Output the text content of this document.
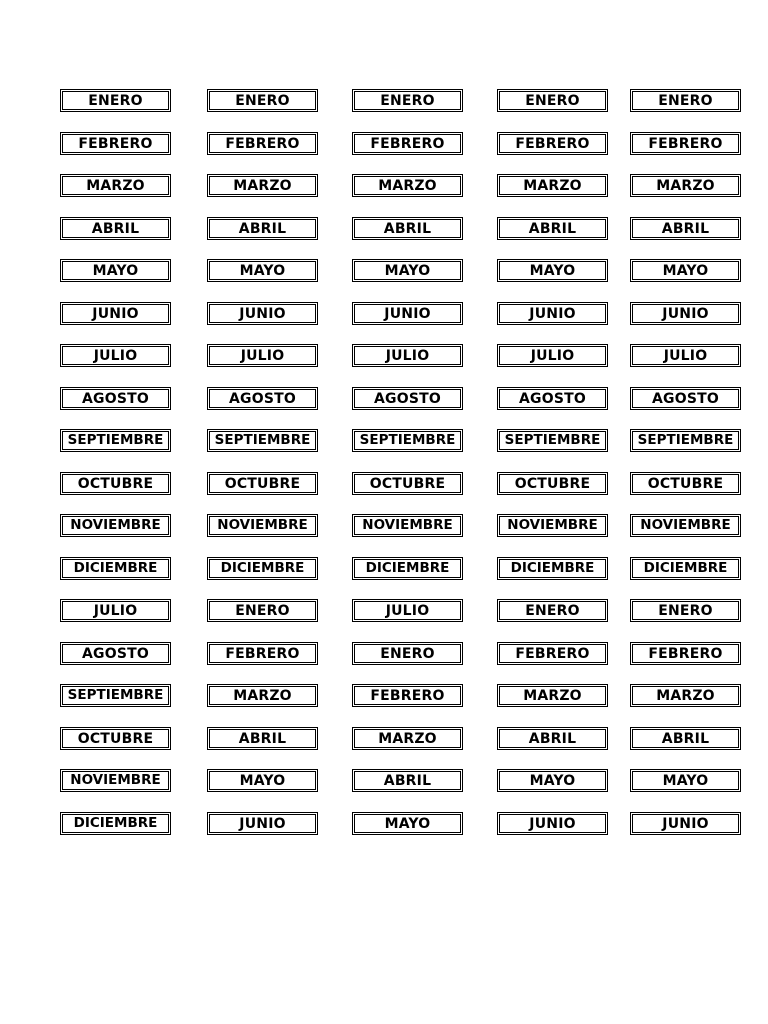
ENERO	ENERO	ENERO	ENERO	ENERO
FEBRERO	FEBRERO	FEBRERO	FEBRERO	FEBRERO
MARZO	MARZO	MARZO	MARZO	MARZO
ABRIL	ABRIL	ABRIL	ABRIL	ABRIL
MAYO	MAYO	MAYO	MAYO	MAYO
JUNIO	JUNIO	JUNIO	JUNIO	JUNIO
JULIO	JULIO	JULIO	JULIO	JULIO
AGOSTO	AGOSTO	AGOSTO	AGOSTO	AGOSTO
SEPTIEMBRE	SEPTIEMBRE	SEPTIEMBRE	SEPTIEMBRE	SEPTIEMBRE
OCTUBRE	OCTUBRE	OCTUBRE	OCTUBRE	OCTUBRE
NOVIEMBRE	NOVIEMBRE	NOVIEMBRE	NOVIEMBRE	NOVIEMBRE
DICIEMBRE	DICIEMBRE	DICIEMBRE	DICIEMBRE	DICIEMBRE
JULIO	ENERO	JULIO	ENERO	ENERO
AGOSTO	FEBRERO	ENERO	FEBRERO	FEBRERO
SEPTIEMBRE	MARZO	FEBRERO	MARZO	MARZO
OCTUBRE	ABRIL	MARZO	ABRIL	ABRIL
NOVIEMBRE	MAYO	ABRIL	MAYO	MAYO
DICIEMBRE	JUNIO	MAYO	JUNIO	JUNIO
